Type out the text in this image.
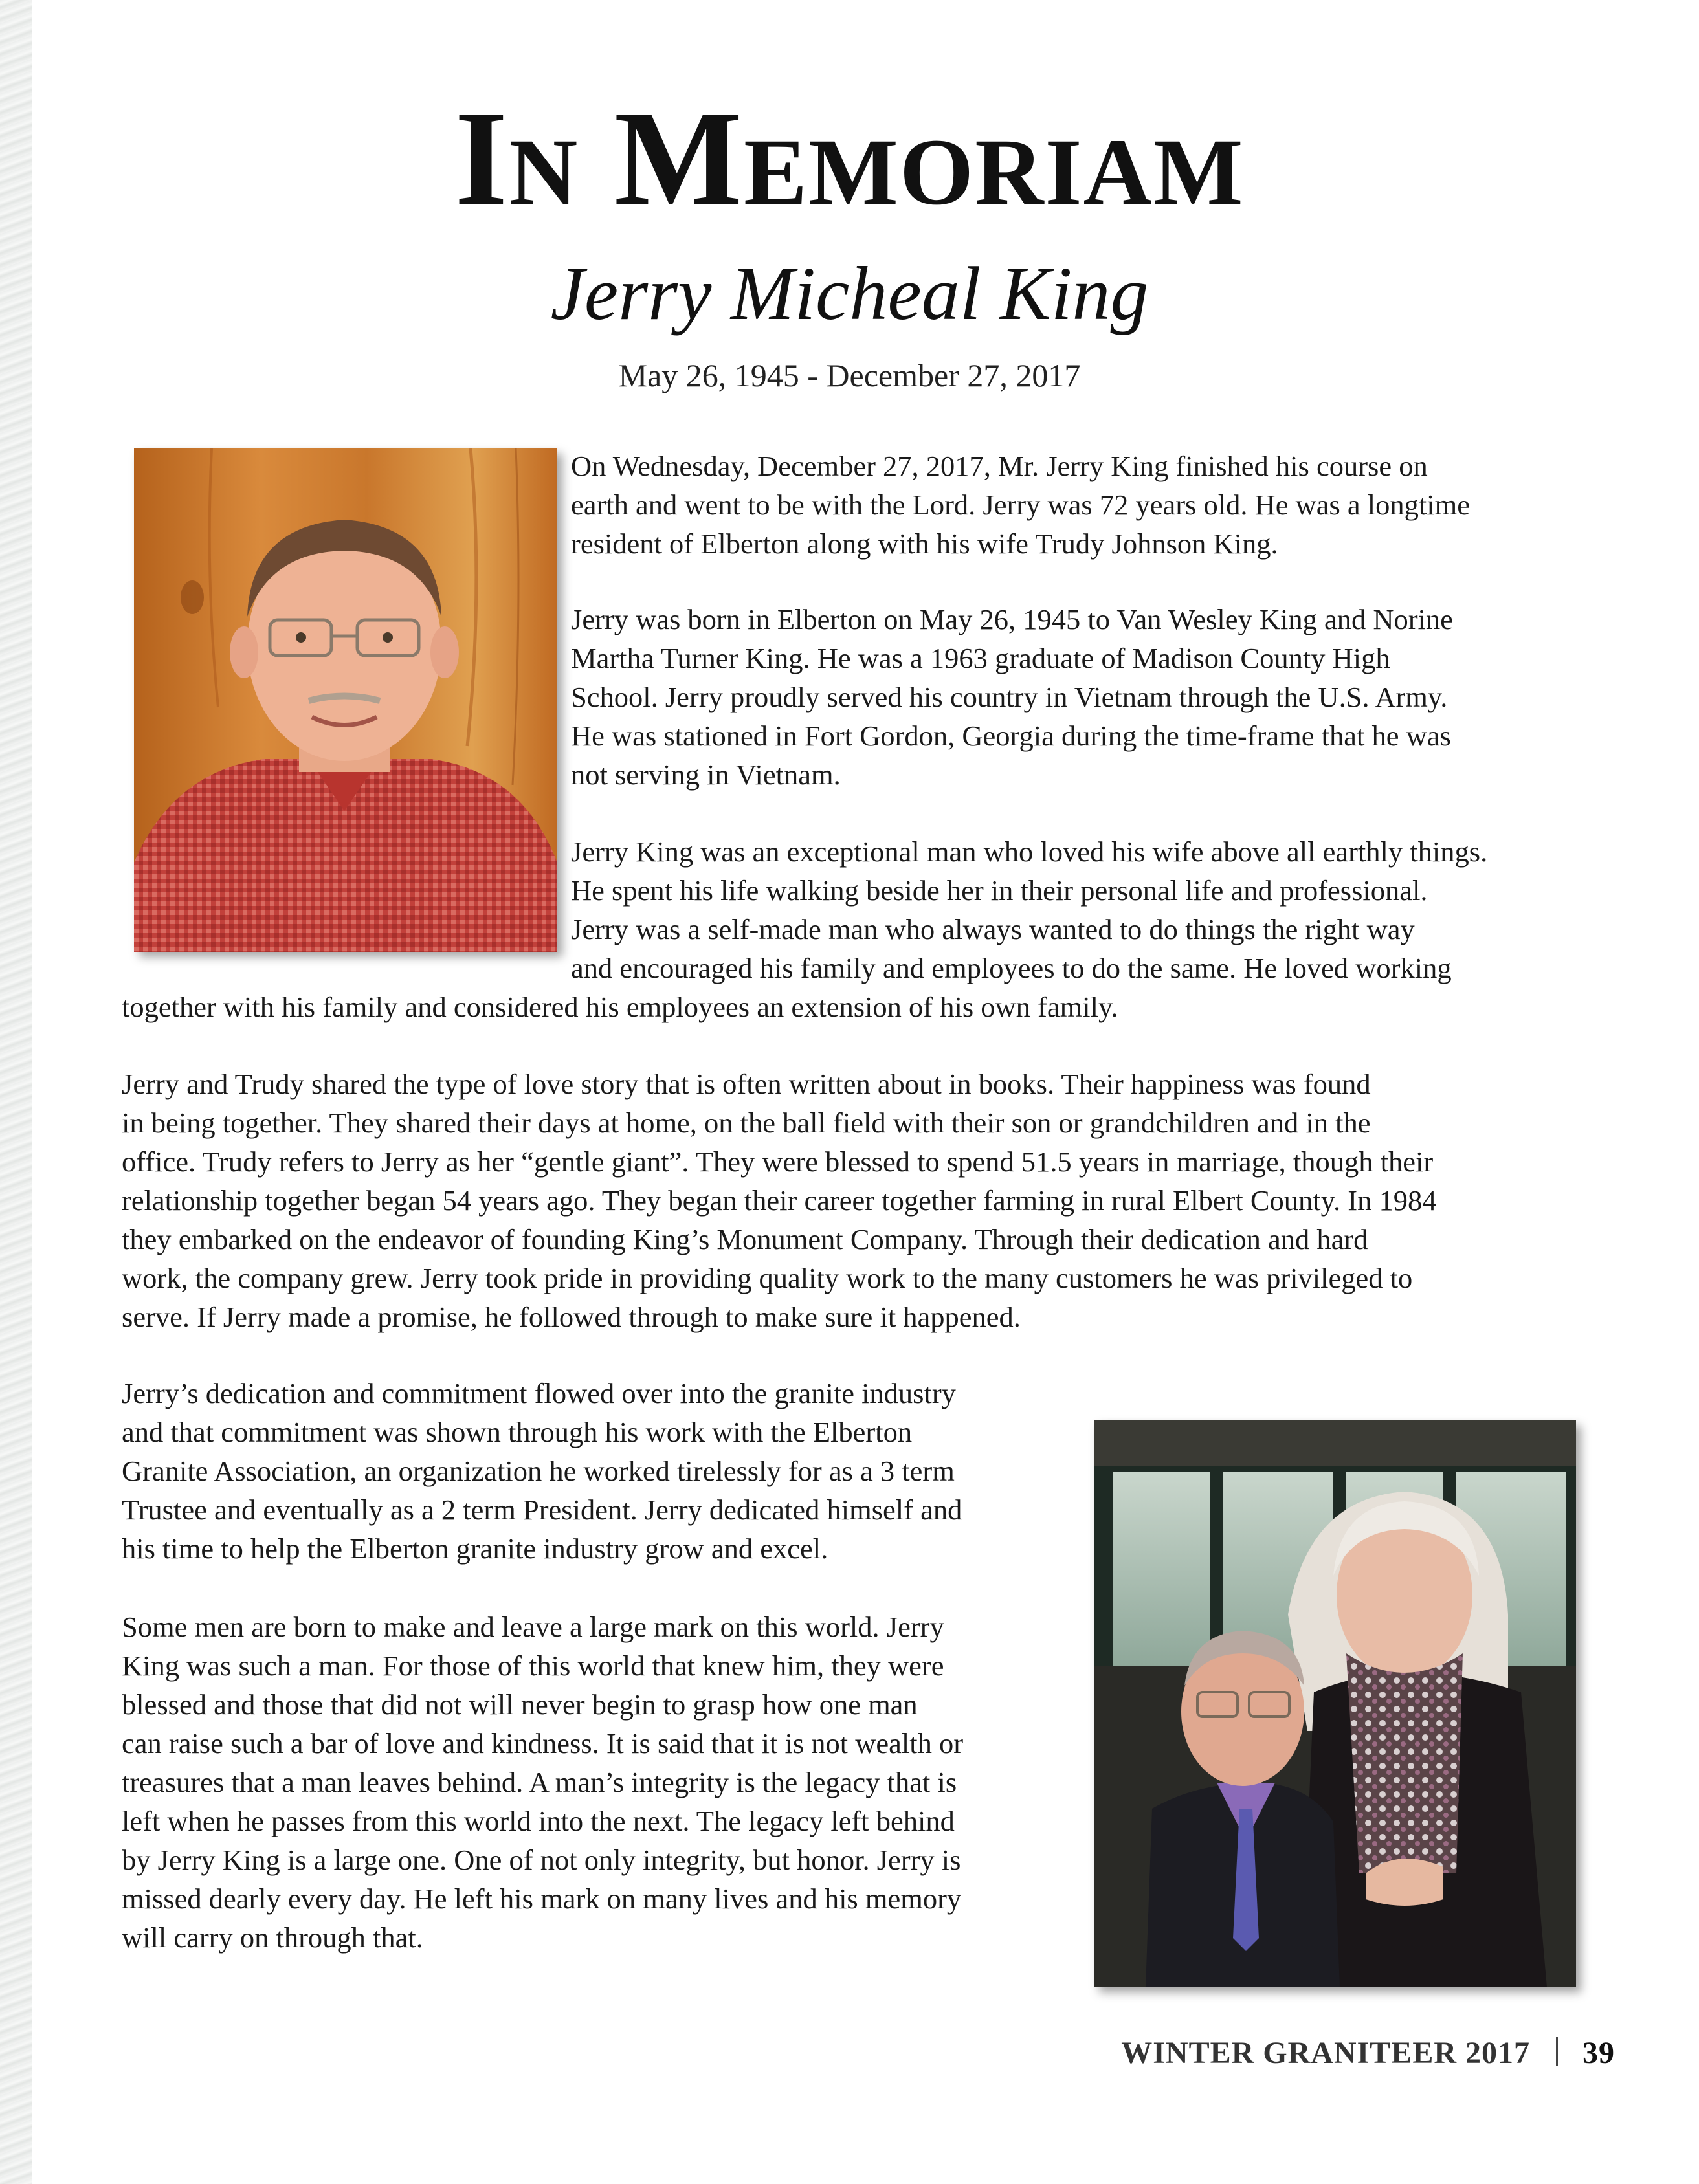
In Memoriam
Jerry Micheal King
May 26, 1945 - December 27, 2017
On Wednesday, December 27, 2017, Mr. Jerry King finished his course on
earth and went to be with the Lord. Jerry was 72 years old. He was a longtime
resident of Elberton along with his wife Trudy Johnson King.
Jerry was born in Elberton on May 26, 1945 to Van Wesley King and Norine
Martha Turner King. He was a 1963 graduate of Madison County High
School. Jerry proudly served his country in Vietnam through the U.S. Army.
He was stationed in Fort Gordon, Georgia during the time-frame that he was
not serving in Vietnam.
Jerry King was an exceptional man who loved his wife above all earthly things.
He spent his life walking beside her in their personal life and professional.
Jerry was a self-made man who always wanted to do things the right way
and encouraged his family and employees to do the same. He loved working
together with his family and considered his employees an extension of his own family.
Jerry and Trudy shared the type of love story that is often written about in books. Their happiness was found
in being together. They shared their days at home, on the ball field with their son or grandchildren and in the
office. Trudy refers to Jerry as her “gentle giant”. They were blessed to spend 51.5 years in marriage, though their
relationship together began 54 years ago. They began their career together farming in rural Elbert County. In 1984
they embarked on the endeavor of founding King’s Monument Company. Through their dedication and hard
work, the company grew. Jerry took pride in providing quality work to the many customers he was privileged to
serve. If Jerry made a promise, he followed through to make sure it happened.
Jerry’s dedication and commitment flowed over into the granite industry
and that commitment was shown through his work with the Elberton
Granite Association, an organization he worked tirelessly for as a 3 term
Trustee and eventually as a 2 term President. Jerry dedicated himself and
his time to help the Elberton granite industry grow and excel.
Some men are born to make and leave a large mark on this world. Jerry
King was such a man. For those of this world that knew him, they were
blessed and those that did not will never begin to grasp how one man
can raise such a bar of love and kindness. It is said that it is not wealth or
treasures that a man leaves behind. A man’s integrity is the legacy that is
left when he passes from this world into the next. The legacy left behind
by Jerry King is a large one. One of not only integrity, but honor. Jerry is
missed dearly every day. He left his mark on many lives and his memory
will carry on through that.
WINTER GRANITEER 2017 39
